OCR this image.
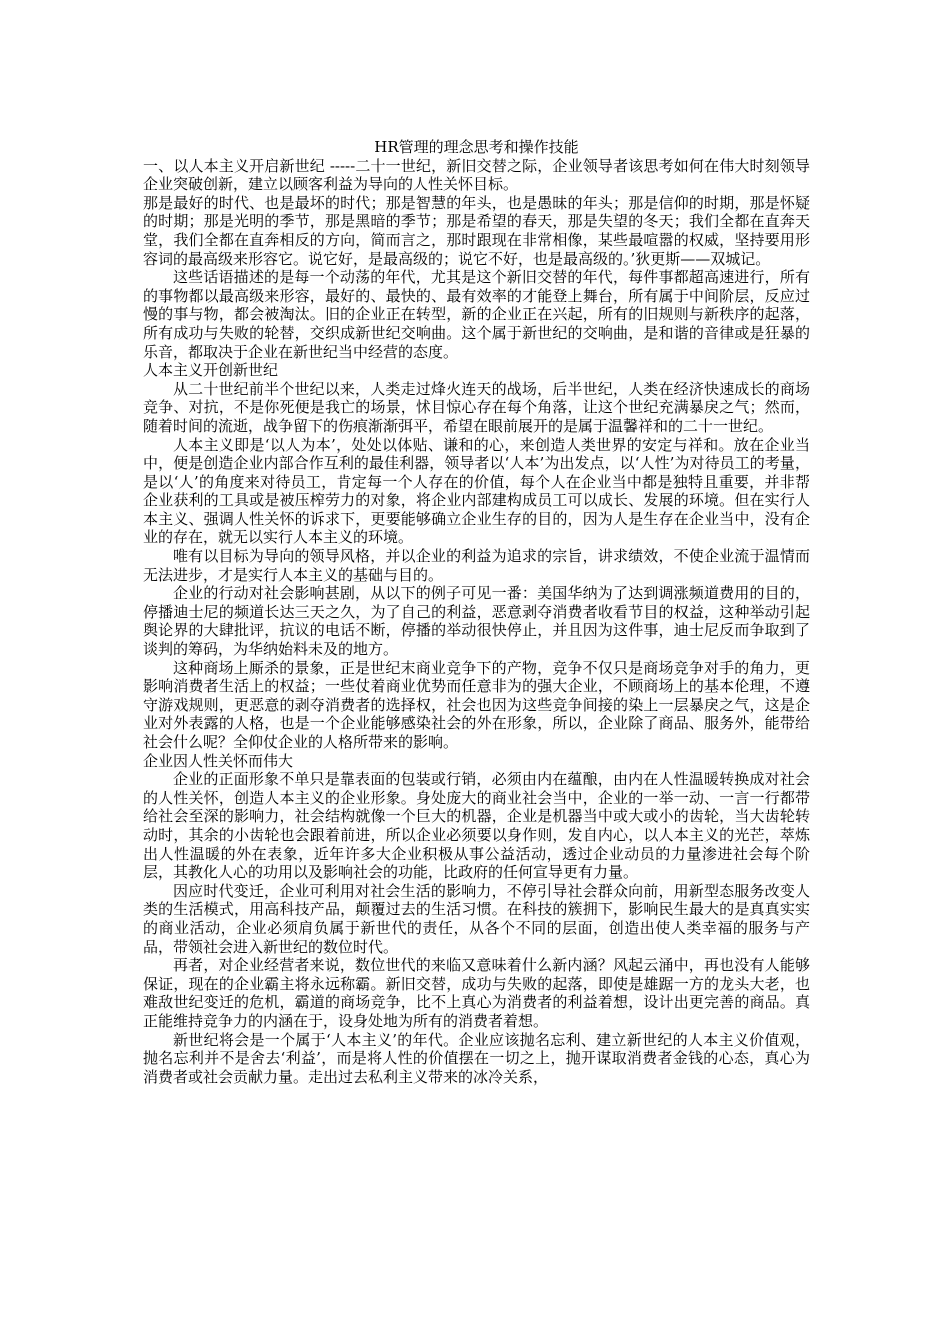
HR管理的理念思考和操作技能

一、以人本主义开启新世纪 -----二十一世纪，新旧交替之际，企业领导者该思考如何在伟大时刻领导企业突破创新，建立以顾客利益为导向的人性关怀目标。

那是最好的时代、也是最坏的时代；那是智慧的年头，也是愚昧的年头；那是信仰的时期，那是怀疑的时期；那是光明的季节，那是黑暗的季节；那是希望的春天，那是失望的冬天；我们全都在直奔天堂，我们全都在直奔相反的方向，简而言之，那时跟现在非常相像，某些最喧嚣的权威，坚持要用形容词的最高级来形容它。说它好，是最高级的；说它不好，也是最高级的。’狄更斯——双城记。

这些话语描述的是每一个动荡的年代，尤其是这个新旧交替的年代，每件事都超高速进行，所有的事物都以最高级来形容，最好的、最快的、最有效率的才能登上舞台，所有属于中间阶层，反应过慢的事与物，都会被淘汰。旧的企业正在转型，新的企业正在兴起，所有的旧规则与新秩序的起落，所有成功与失败的轮替，交织成新世纪交响曲。这个属于新世纪的交响曲，是和谐的音律或是狂暴的乐音，都取决于企业在新世纪当中经营的态度。

人本主义开创新世纪

从二十世纪前半个世纪以来，人类走过烽火连天的战场，后半世纪，人类在经济快速成长的商场竞争、对抗，不是你死便是我亡的场景，怵目惊心存在每个角落，让这个世纪充满暴戾之气；然而，随着时间的流逝，战争留下的伤痕渐渐弭平，希望在眼前展开的是属于温馨祥和的二十一世纪。

人本主义即是‘以人为本’，处处以体贴、谦和的心，来创造人类世界的安定与祥和。放在企业当中，便是创造企业内部合作互利的最佳利器，领导者以‘人本’为出发点，以‘人性’为对待员工的考量，是以‘人’的角度来对待员工，肯定每一个人存在的价值，每个人在企业当中都是独特且重要，并非帮企业获利的工具或是被压榨劳力的对象，将企业内部建构成员工可以成长、发展的环境。但在实行人本主义、强调人性关怀的诉求下，更要能够确立企业生存的目的，因为人是生存在企业当中，没有企业的存在，就无以实行人本主义的环境。

唯有以目标为导向的领导风格，并以企业的利益为追求的宗旨，讲求绩效，不使企业流于温情而无法进步，才是实行人本主义的基础与目的。

企业的行动对社会影响甚剧，从以下的例子可见一番：美国华纳为了达到调涨频道费用的目的，停播迪士尼的频道长达三天之久，为了自己的利益，恶意剥夺消费者收看节目的权益，这种举动引起舆论界的大肆批评，抗议的电话不断，停播的举动很快停止，并且因为这件事，迪士尼反而争取到了谈判的筹码，为华纳始料未及的地方。

这种商场上厮杀的景象，正是世纪末商业竞争下的产物，竞争不仅只是商场竞争对手的角力，更影响消费者生活上的权益；一些仗着商业优势而任意非为的强大企业，不顾商场上的基本伦理，不遵守游戏规则，更恶意的剥夺消费者的选择权，社会也因为这些竞争间接的染上一层暴戾之气，这是企业对外表露的人格，也是一个企业能够感染社会的外在形象，所以，企业除了商品、服务外，能带给社会什么呢？全仰仗企业的人格所带来的影响。

企业因人性关怀而伟大

企业的正面形象不单只是靠表面的包装或行销，必须由内在蕴酿，由内在人性温暖转换成对社会的人性关怀，创造人本主义的企业形象。身处庞大的商业社会当中，企业的一举一动、一言一行都带给社会至深的影响力，社会结构就像一个巨大的机器，企业是机器当中或大或小的齿轮，当大齿轮转动时，其余的小齿轮也会跟着前进，所以企业必须要以身作则，发自内心，以人本主义的光芒，萃炼出人性温暖的外在表象，近年许多大企业积极从事公益活动，透过企业动员的力量渗进社会每个阶层，其教化人心的功用以及影响社会的功能，比政府的任何宣导更有力量。

因应时代变迁，企业可利用对社会生活的影响力，不停引导社会群众向前，用新型态服务改变人类的生活模式，用高科技产品，颠覆过去的生活习惯。在科技的簇拥下，影响民生最大的是真真实实的商业活动，企业必须肩负属于新世代的责任，从各个不同的层面，创造出使人类幸福的服务与产品，带领社会进入新世纪的数位时代。

再者，对企业经营者来说，数位世代的来临又意味着什么新内涵？风起云涌中，再也没有人能够保证，现在的企业霸主将永远称霸。新旧交替，成功与失败的起落，即使是雄踞一方的龙头大老，也难敌世纪变迁的危机，霸道的商场竞争，比不上真心为消费者的利益着想，设计出更完善的商品。真正能维持竞争力的内涵在于，设身处地为所有的消费者着想。

新世纪将会是一个属于‘人本主义’的年代。企业应该抛名忘利、建立新世纪的人本主义价值观，抛名忘利并不是舍去‘利益’，而是将人性的价值摆在一切之上，抛开谋取消费者金钱的心态，真心为消费者或社会贡献力量。走出过去私利主义带来的冰冷关系，
